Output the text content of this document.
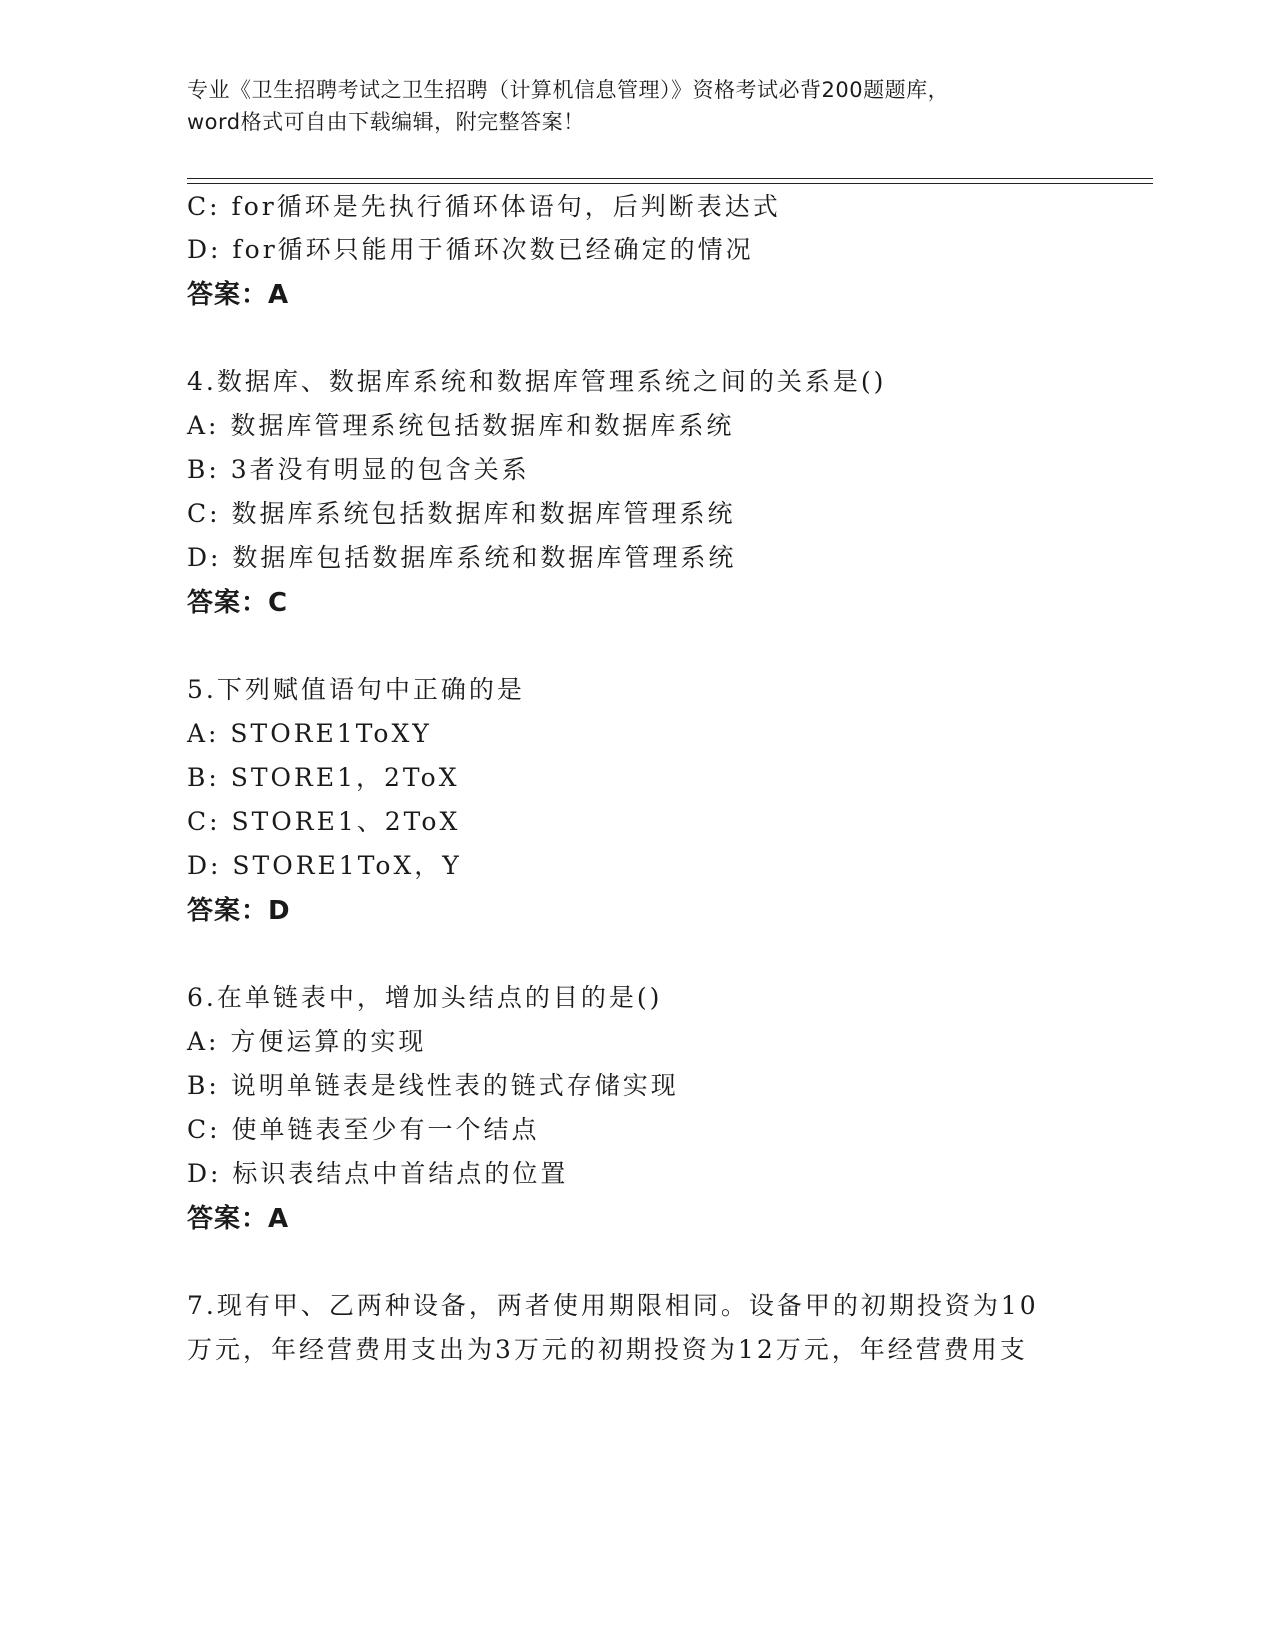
专业《卫生招聘考试之卫生招聘（计算机信息管理）》资格考试必背200题题库，
word格式可自由下载编辑，附完整答案！
C: for循环是先执行循环体语句，后判断表达式
D: for循环只能用于循环次数已经确定的情况
答案：A
4.数据库、数据库系统和数据库管理系统之间的关系是()
A: 数据库管理系统包括数据库和数据库系统
B: 3者没有明显的包含关系
C: 数据库系统包括数据库和数据库管理系统
D: 数据库包括数据库系统和数据库管理系统
答案：C
5.下列赋值语句中正确的是
A: STORE1ToXY
B: STORE1，2ToX
C: STORE1、2ToX
D: STORE1ToX，Y
答案：D
6.在单链表中，增加头结点的目的是()
A: 方便运算的实现
B: 说明单链表是线性表的链式存储实现
C: 使单链表至少有一个结点
D: 标识表结点中首结点的位置
答案：A
7.现有甲、乙两种设备，两者使用期限相同。设备甲的初期投资为10
万元，年经营费用支出为3万元的初期投资为12万元，年经营费用支
